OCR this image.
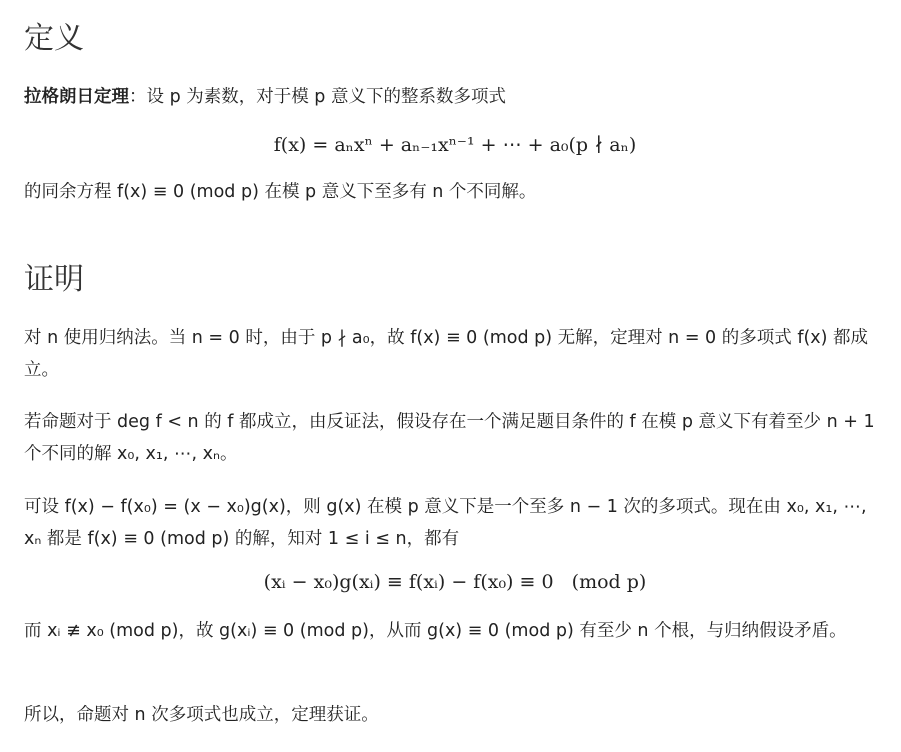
定义

拉格朗日定理：设 p 为素数，对于模 p 意义下的整系数多项式

f(x) = aₙxⁿ + aₙ₋₁xⁿ⁻¹ + ⋯ + a₀(p ∤ aₙ)

的同余方程 f(x) ≡ 0 (mod p) 在模 p 意义下至多有 n 个不同解。

证明

对 n 使用归纳法。当 n = 0 时，由于 p ∤ a₀，故 f(x) ≡ 0 (mod p) 无解，定理对 n = 0 的多项式 f(x) 都成立。

若命题对于 deg f < n 的 f 都成立，由反证法，假设存在一个满足题目条件的 f 在模 p 意义下有着至少 n + 1 个不同的解 x₀, x₁, ⋯, xₙ。

可设 f(x) − f(x₀) = (x − x₀)g(x)，则 g(x) 在模 p 意义下是一个至多 n − 1 次的多项式。现在由 x₀, x₁, ⋯, xₙ 都是 f(x) ≡ 0 (mod p) 的解，知对 1 ≤ i ≤ n，都有

(xᵢ − x₀)g(xᵢ) ≡ f(xᵢ) − f(x₀) ≡ 0   (mod p)

而 xᵢ ≢ x₀ (mod p)，故 g(xᵢ) ≡ 0 (mod p)，从而 g(x) ≡ 0 (mod p) 有至少 n 个根，与归纳假设矛盾。

所以，命题对 n 次多项式也成立，定理获证。
